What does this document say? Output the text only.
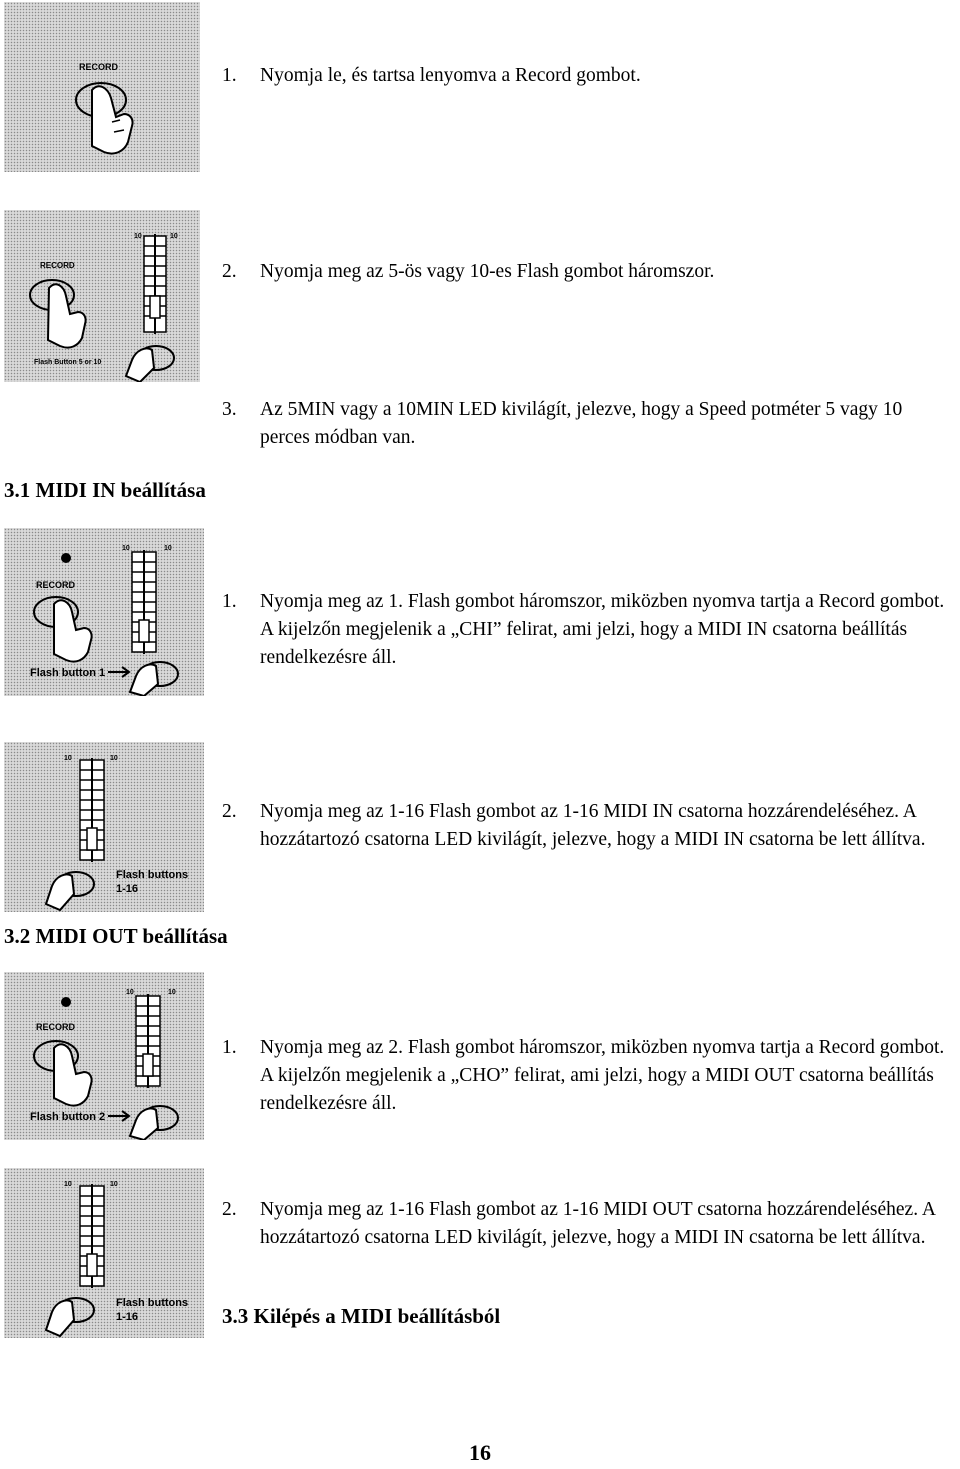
RECORD	1.	Nyomja le, és tartsa lenyomva a Record gombot.
RECORD
10	10
Flash Button 5 or 10
2.	Nyomja meg az 5-ös vagy 10-es Flash gombot háromszor.
3.	Az 5MIN vagy a 10MIN LED kivilágít, jelezve, hogy a Speed potméter 5 vagy 10 perces módban van.
3.1 MIDI IN beállítása
RECORD
10	10
Flash button 1
1.	Nyomja meg az 1. Flash gombot háromszor, miközben nyomva tartja a Record gombot. A kijelzőn megjelenik a „CHI” felirat, ami jelzi, hogy a MIDI IN csatorna beállítás rendelkezésre áll.
10	10
Flash buttons
1-16
2.	Nyomja meg az 1-16 Flash gombot az 1-16 MIDI IN csatorna hozzárendeléséhez. A hozzátartozó csatorna LED kivilágít, jelezve, hogy a MIDI IN csatorna be lett állítva.
3.2 MIDI OUT beállítása
RECORD
10	10
Flash button 2
1.	Nyomja meg az 2. Flash gombot háromszor, miközben nyomva tartja a Record gombot. A kijelzőn megjelenik a „CHO” felirat, ami jelzi, hogy a MIDI OUT csatorna beállítás rendelkezésre áll.
10	10
Flash buttons
1-16
2.	Nyomja meg az 1-16 Flash gombot az 1-16 MIDI OUT csatorna hozzárendeléséhez. A hozzátartozó csatorna LED kivilágít, jelezve, hogy a MIDI IN csatorna be lett állítva.
3.3 Kilépés a MIDI beállításból
16
